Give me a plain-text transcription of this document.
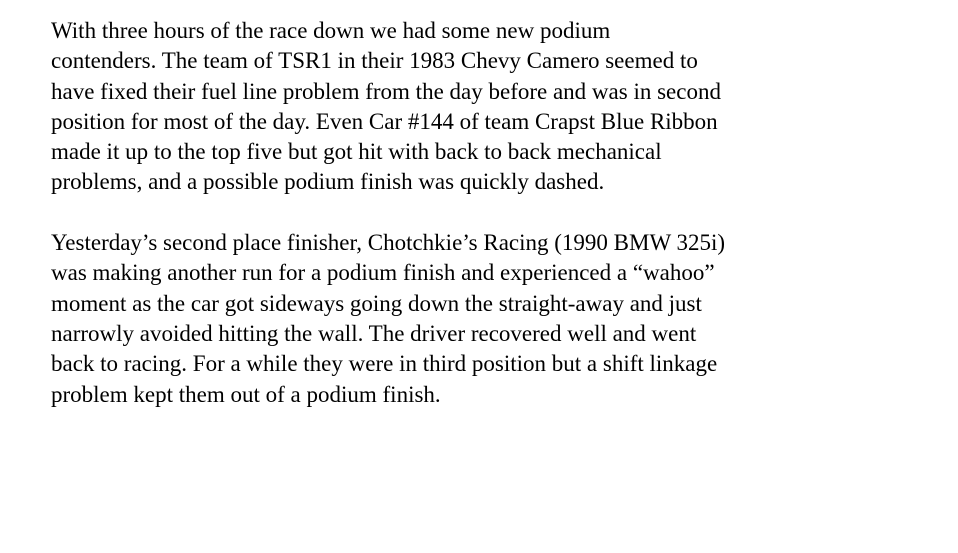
With three hours of the race down we had some new podium
contenders. The team of TSR1 in their 1983 Chevy Camero seemed to
have fixed their fuel line problem from the day before and was in second
position for most of the day. Even Car #144 of team Crapst Blue Ribbon
made it up to the top five but got hit with back to back mechanical
problems, and a possible podium finish was quickly dashed.

Yesterday’s second place finisher, Chotchkie’s Racing (1990 BMW 325i)
was making another run for a podium finish and experienced a “wahoo”
moment as the car got sideways going down the straight-away and just
narrowly avoided hitting the wall. The driver recovered well and went
back to racing. For a while they were in third position but a shift linkage
problem kept them out of a podium finish.
